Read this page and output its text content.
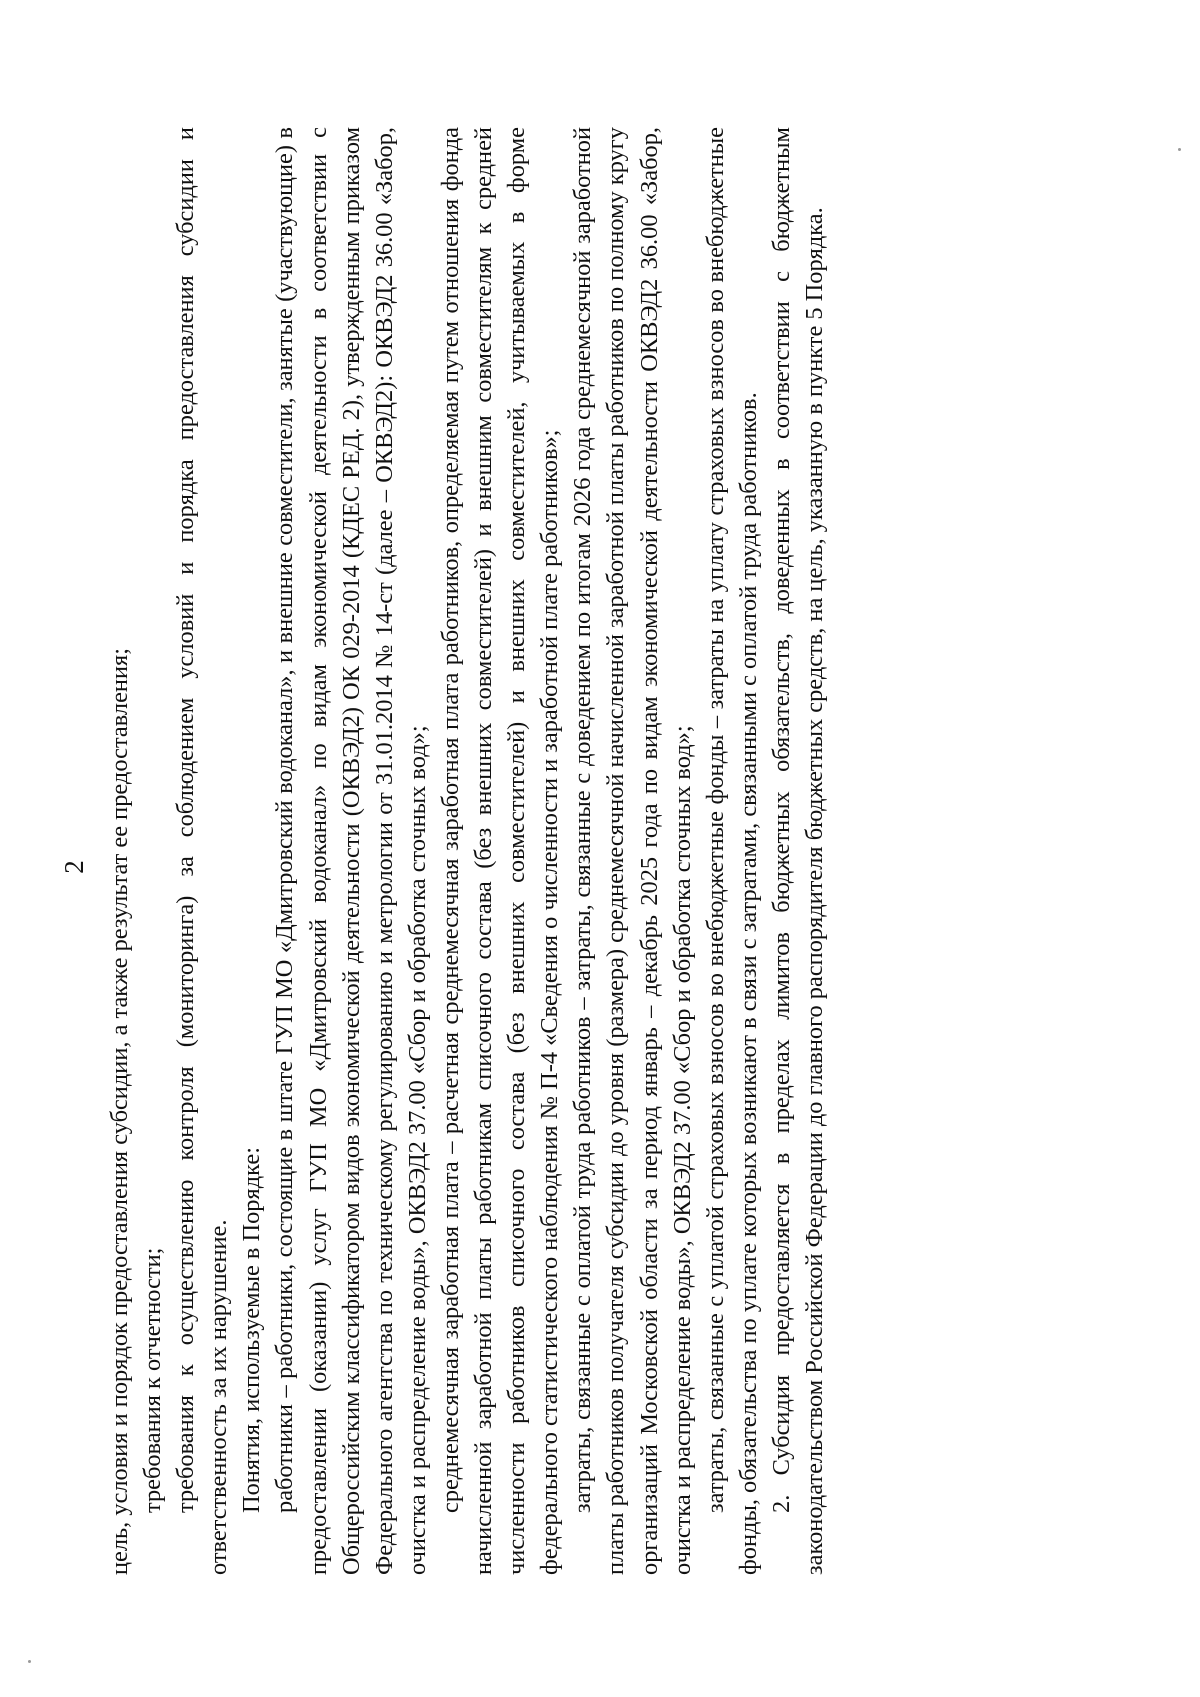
2 цель, условия и порядок предоставления субсидии, а также результат ее предоставления; требования к отчетности; требования к осуществлению контроля (мониторинга) за соблюдением условий и порядка предоставления субсидии и ответственность за их нарушение. Понятия, используемые в Порядке: работники – работники, состоящие в штате ГУП МО «Дмитровский водоканал», и внешние совместители, занятые (участвующие) в предоставлении (оказании) услуг ГУП МО «Дмитровский водоканал» по видам экономической деятельности в соответствии с Общероссийским классификатором видов экономической деятельности (ОКВЭД2) ОК 029-2014 (КДЕС РЕД. 2), утвержденным приказом Федерального агентства по техническому регулированию и метрологии от 31.01.2014 № 14-ст (далее – ОКВЭД2): ОКВЭД2 36.00 «Забор, очистка и распределение воды», ОКВЭД2 37.00 «Сбор и обработка сточных вод»; среднемесячная заработная плата – расчетная среднемесячная заработная плата работников, определяемая путем отношения фонда начисленной заработной платы работникам списочного состава (без внешних совместителей) и внешним совместителям к средней численности работников списочного состава (без внешних совместителей) и внешних совместителей, учитываемых в форме федерального статистического наблюдения № П-4 «Сведения о численности и заработной плате работников»; затраты, связанные с оплатой труда работников – затраты, связанные с доведением по итогам 2026 года среднемесячной заработной платы работников получателя субсидии до уровня (размера) среднемесячной начисленной заработной платы работников по полному кругу организаций Московской области за период январь – декабрь 2025 года по видам экономической деятельности ОКВЭД2 36.00 «Забор, очистка и распределение воды», ОКВЭД2 37.00 «Сбор и обработка сточных вод»; затраты, связанные с уплатой страховых взносов во внебюджетные фонды – затраты на уплату страховых взносов во внебюджетные фонды, обязательства по уплате которых возникают в связи с затратами, связанными с оплатой труда работников. 2. Субсидия предоставляется в пределах лимитов бюджетных обязательств, доведенных в соответствии с бюджетным законодательством Российской Федерации до главного распорядителя бюджетных средств, на цель, указанную в пункте 5 Порядка.
